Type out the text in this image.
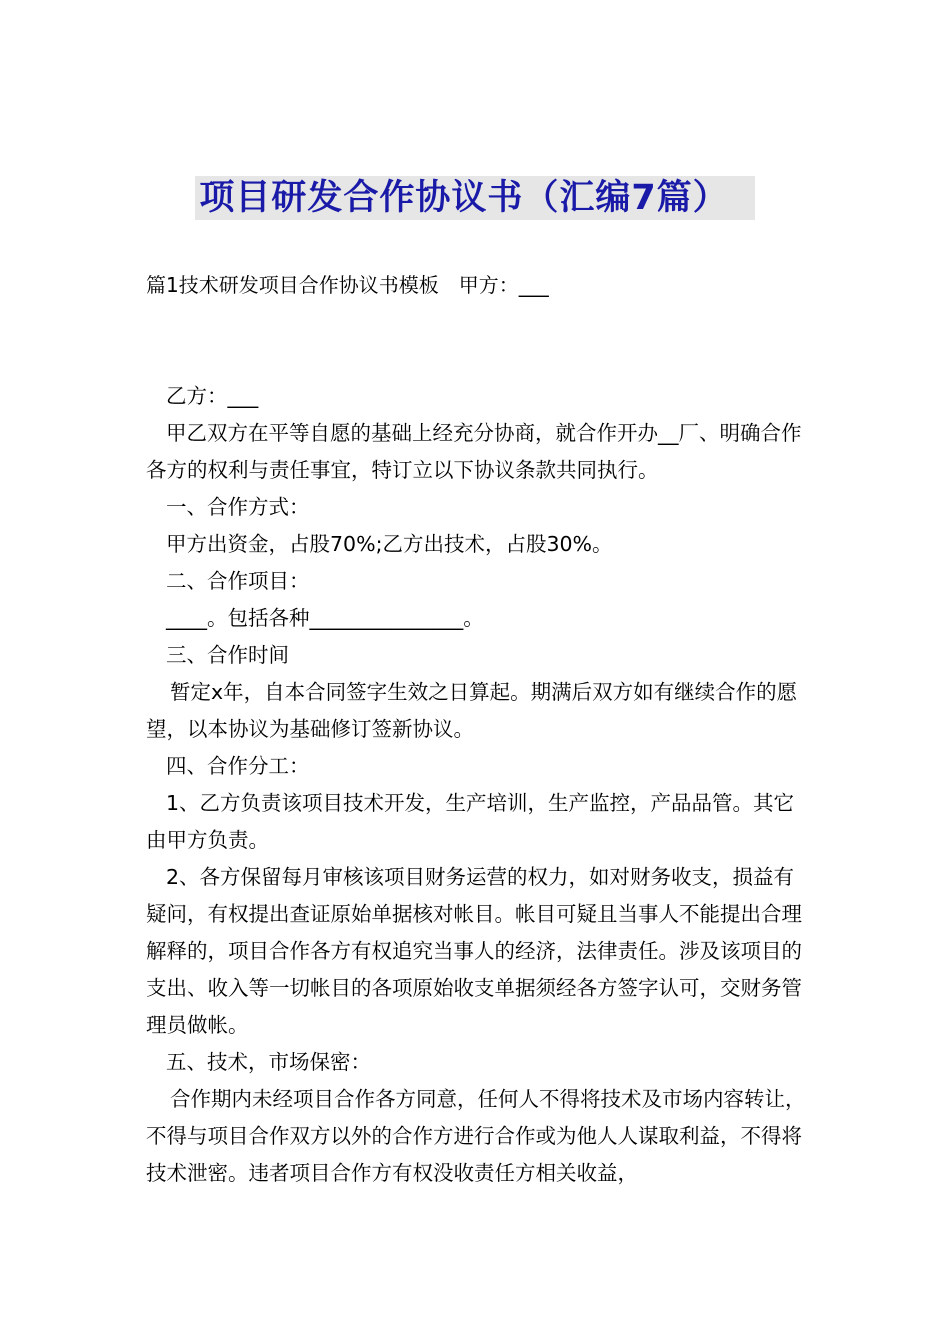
项目研发合作协议书（汇编7篇）
篇1技术研发项目合作协议书模板　甲方：___

乙方：___

甲乙双方在平等自愿的基础上经充分协商，就合作开办__厂、明确合作各方的权利与责任事宜，特订立以下协议条款共同执行。

一、合作方式：

甲方出资金，占股70%;乙方出技术，占股30%。

二、合作项目：

____。包括各种_______________。

三、合作时间

暂定x年，自本合同签字生效之日算起。期满后双方如有继续合作的愿望，以本协议为基础修订签新协议。

四、合作分工：

1、乙方负责该项目技术开发，生产培训，生产监控，产品品管。其它由甲方负责。

2、各方保留每月审核该项目财务运营的权力，如对财务收支，损益有疑问，有权提出查证原始单据核对帐目。帐目可疑且当事人不能提出合理解释的，项目合作各方有权追究当事人的经济，法律责任。涉及该项目的支出、收入等一切帐目的各项原始收支单据须经各方签字认可，交财务管理员做帐。

五、技术，市场保密：

合作期内未经项目合作各方同意，任何人不得将技术及市场内容转让，不得与项目合作双方以外的合作方进行合作或为他人人谋取利益，不得将技术泄密。违者项目合作方有权没收责任方相关收益，
